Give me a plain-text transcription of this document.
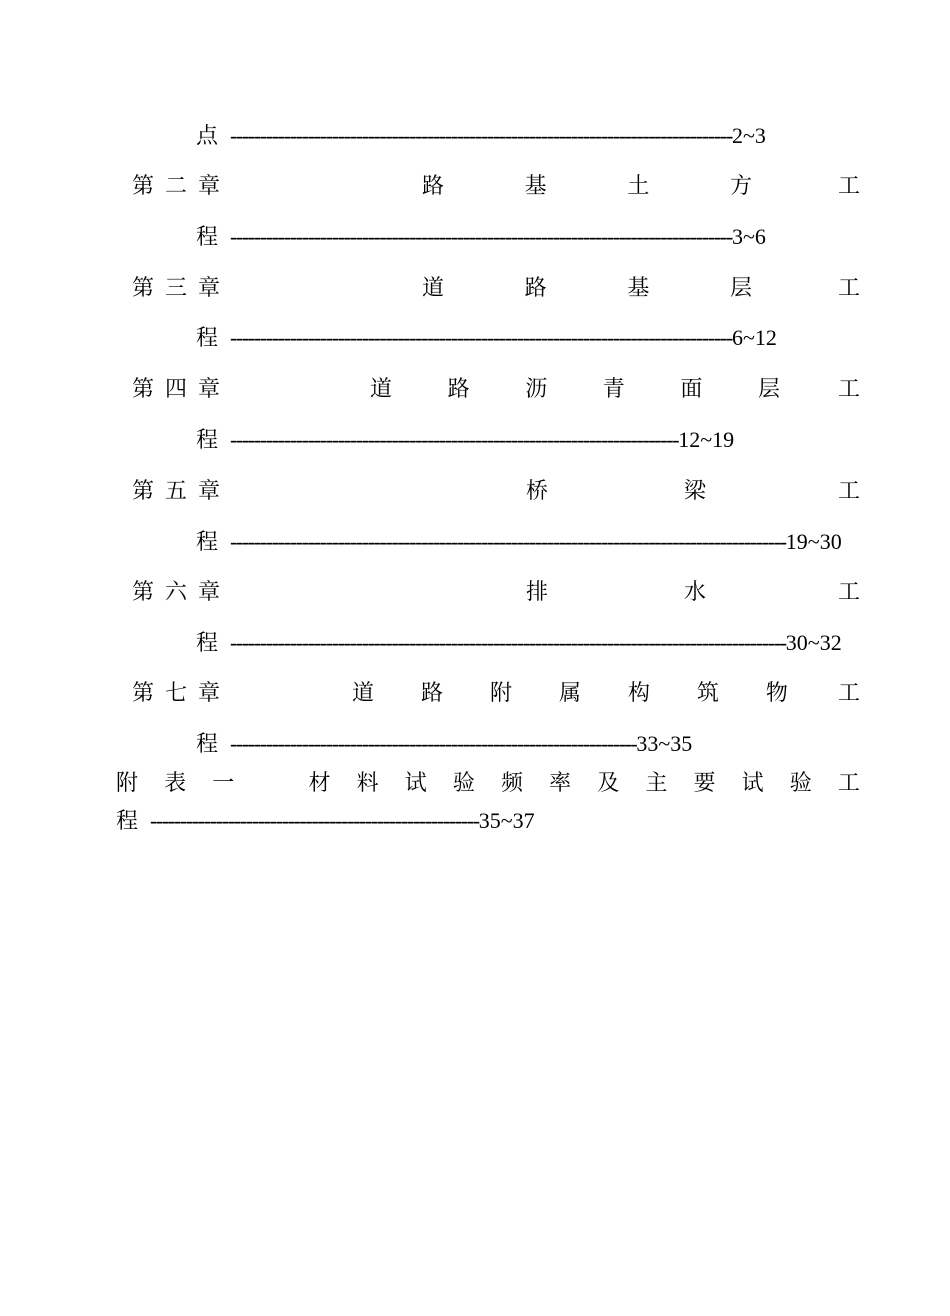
点 ------------------------------------------------------------------------------------2~3
第 二 章	路	基	土	方	工
程 ------------------------------------------------------------------------------------3~6
第 三 章	道	路	基	层	工
程 ------------------------------------------------------------------------------------6~12
第 四 章	道	路	沥	青	面	层	工
程 ---------------------------------------------------------------------------12~19
第 五 章	桥	梁	工
程 ---------------------------------------------------------------------------------------------19~30
第 六 章	排	水	工
程 ---------------------------------------------------------------------------------------------30~32
第 七 章	道 路 附 属 构 筑 物 工
程 --------------------------------------------------------------------33~35
附 表 一	材 料 试 验 频 率 及 主 要 试 验 工
程 -------------------------------------------------------35~37
